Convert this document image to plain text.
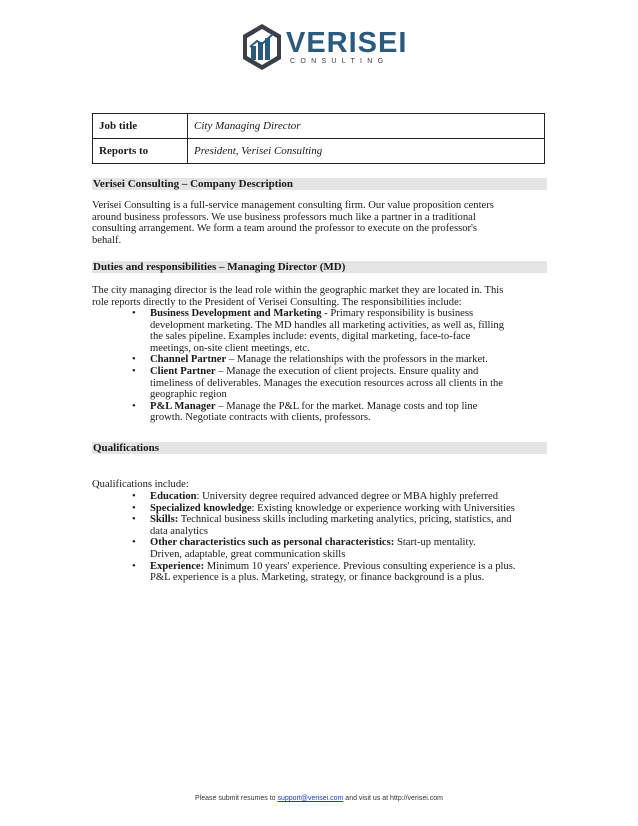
VERISEI
CONSULTING
Job title	City Managing Director
Reports to	President, Verisei Consulting
Verisei Consulting – Company Description
Verisei Consulting is a full-service management consulting firm. Our value proposition centers
around business professors. We use business professors much like a partner in a traditional
consulting arrangement. We form a team around the professor to execute on the professor's
behalf.
Duties and responsibilities – Managing Director (MD)
The city managing director is the lead role within the geographic market they are located in. This
role reports directly to the President of Verisei Consulting. The responsibilities include:
• Business Development and Marketing - Primary responsibility is business
development marketing. The MD handles all marketing activities, as well as, filling
the sales pipeline. Examples include: events, digital marketing, face-to-face
meetings, on-site client meetings, etc.
• Channel Partner – Manage the relationships with the professors in the market.
• Client Partner – Manage the execution of client projects. Ensure quality and
timeliness of deliverables. Manages the execution resources across all clients in the
geographic region
• P&L Manager – Manage the P&L for the market. Manage costs and top line
growth. Negotiate contracts with clients, professors.
Qualifications
Qualifications include:
• Education: University degree required advanced degree or MBA highly preferred
• Specialized knowledge: Existing knowledge or experience working with Universities
• Skills: Technical business skills including marketing analytics, pricing, statistics, and
data analytics
• Other characteristics such as personal characteristics: Start-up mentality.
Driven, adaptable, great communication skills
• Experience: Minimum 10 years' experience. Previous consulting experience is a plus.
P&L experience is a plus. Marketing, strategy, or finance background is a plus.
Please submit resumes to support@verisei.com and visit us at http://verisei.com
